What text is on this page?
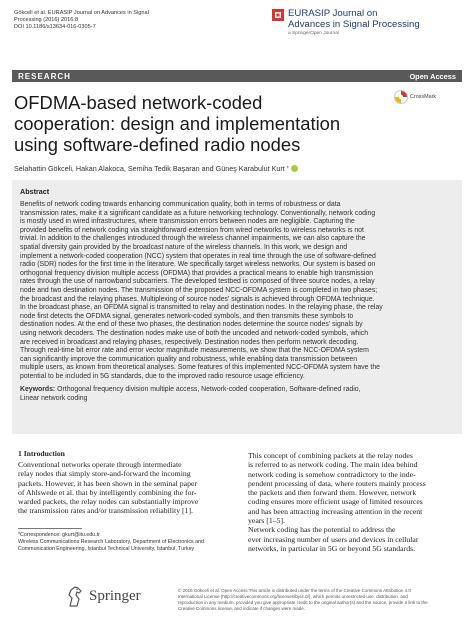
Gökceli et al. EURASIP Journal on Advances in Signal
Processing (2016) 2016:8
DOI 10.1186/s13634-016-0305-7
EURASIP Journal on
Advances in Signal Processing
a SpringerOpen Journal
RESEARCH	Open Access
CrossMark
OFDMA-based network-coded
cooperation: design and implementation
using software-defined radio nodes
Selahattin Gökceli, Hakan Alakoca, Semiha Tedik Başaran and Güneş Karabulut Kurt *
Abstract
Benefits of network coding towards enhancing communication quality, both in terms of robustness or data
transmission rates, make it a significant candidate as a future networking technology. Conventionally, network coding
is mostly used in wired infrastructures, where transmission errors between nodes are negligible. Capturing the
provided benefits of network coding via straightforward extension from wired networks to wireless networks is not
trivial. In addition to the challenges introduced through the wireless channel impairments, we can also capture the
spatial diversity gain provided by the broadcast nature of the wireless channels. In this work, we design and
implement a network-coded cooperation (NCC) system that operates in real time through the use of software-defined
radio (SDR) nodes for the first time in the literature. We specifically target wireless networks. Our system is based on
orthogonal frequency division multiple access (OFDMA) that provides a practical means to enable high transmission
rates through the use of narrowband subcarriers. The developed testbed is composed of three source nodes, a relay
node and two destination nodes. The transmission of the proposed NCC-OFDMA system is completed in two phases;
the broadcast and the relaying phases. Multiplexing of source nodes' signals is achieved through OFDMA technique.
In the broadcast phase, an OFDMA signal is transmitted to relay and destination nodes. In the relaying phase, the relay
node first detects the OFDMA signal, generates network-coded symbols, and then transmits these symbols to
destination nodes. At the end of these two phases, the destination nodes determine the source nodes' signals by
using network decoders. The destination nodes make use of both the uncoded and network-coded symbols, which
are received in broadcast and relaying phases, respectively. Destination nodes then perform network decoding.
Through real-time bit error rate and error vector magnitude measurements, we show that the NCC-OFDMA system
can significantly improve the communication quality and robustness, while enabling data transmission between
multiple users, as known from theoretical analyses. Some features of this implemented NCC-OFDMA system have the
potential to be included in 5G standards, due to the improved radio resource usage efficiency.
Keywords: Orthogonal frequency division multiple access, Network-coded cooperation, Software-defined radio,
Linear network coding
1 Introduction
Conventional networks operate through intermediate
relay nodes that simply store-and-forward the incoming
packets. However, it has been shown in the seminal paper
of Ahlswede et al. that by intelligently combining the for-
warded packets, the relay nodes can substantially improve
the transmission rates and/or transmission reliability [1].
This concept of combining packets at the relay nodes
is referred to as network coding. The main idea behind
network coding is somehow contradictory to the inde-
pendent processing of data, where routers mainly process
the packets and then forward them. However, network
coding ensures more efficient usage of limited resources
and has been attracting increasing attention in the recent
years [1–5].
Network coding has the potential to address the
ever increasing number of users and devices in cellular
networks, in particular in 5G or beyond 5G standards.
*Correspondence: gkurt@itu.edu.tr
Wireless Communications Research Laboratory, Department of Electronics and
Communication Engineering, Istanbul Technical University, Istanbul, Turkey
Springer	© 2016 Gökceli et al. Open Access This article is distributed under the terms of the Creative Commons Attribution 4.0
International License (http://creativecommons.org/licenses/by/4.0/), which permits unrestricted use, distribution, and
reproduction in any medium, provided you give appropriate credit to the original author(s) and the source, provide a link to the
Creative Commons license, and indicate if changes were made.
